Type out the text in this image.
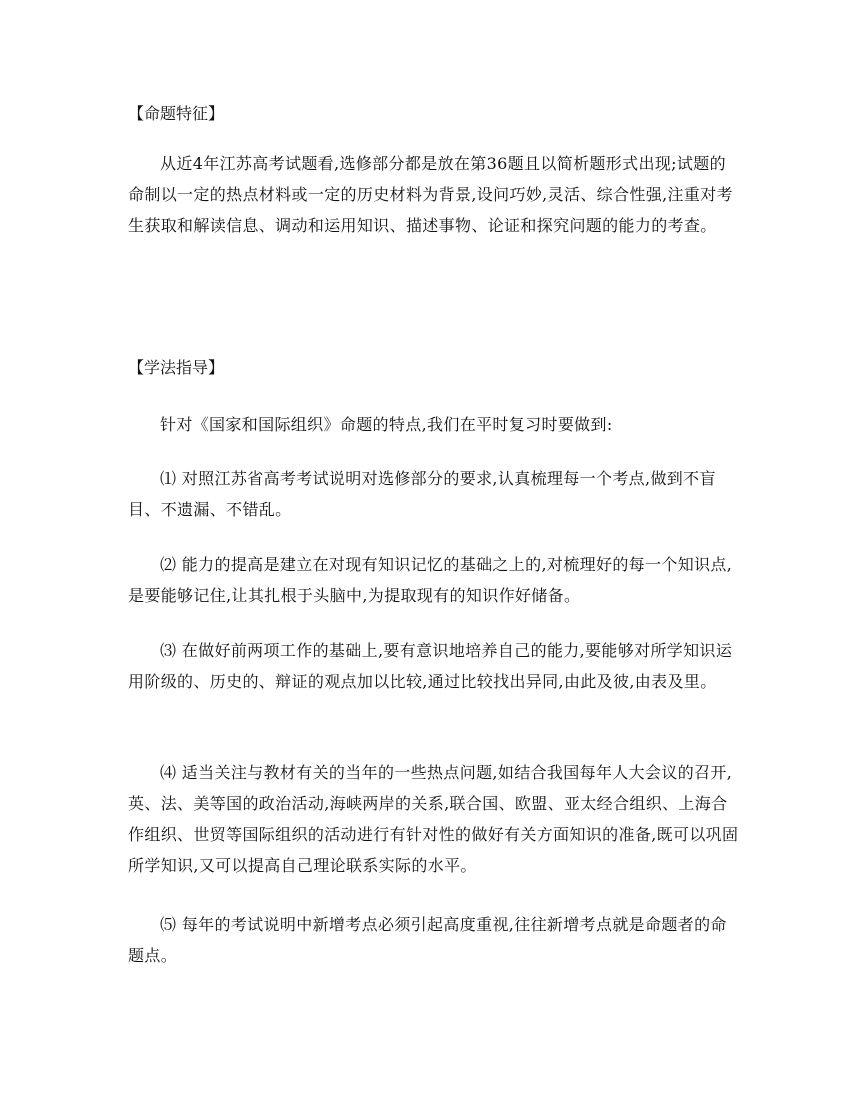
【命题特征】

从近4年江苏高考试题看,选修部分都是放在第36题且以简析题形式出现;试题的命制以一定的热点材料或一定的历史材料为背景,设问巧妙,灵活、综合性强,注重对考生获取和解读信息、调动和运用知识、描述事物、论证和探究问题的能力的考查。

【学法指导】

针对《国家和国际组织》命题的特点,我们在平时复习时要做到:

⑴ 对照江苏省高考考试说明对选修部分的要求,认真梳理每一个考点,做到不盲目、不遗漏、不错乱。

⑵ 能力的提高是建立在对现有知识记忆的基础之上的,对梳理好的每一个知识点,是要能够记住,让其扎根于头脑中,为提取现有的知识作好储备。

⑶ 在做好前两项工作的基础上,要有意识地培养自己的能力,要能够对所学知识运用阶级的、历史的、辩证的观点加以比较,通过比较找出异同,由此及彼,由表及里。

⑷ 适当关注与教材有关的当年的一些热点问题,如结合我国每年人大会议的召开,英、法、美等国的政治活动,海峡两岸的关系,联合国、欧盟、亚太经合组织、上海合作组织、世贸等国际组织的活动进行有针对性的做好有关方面知识的准备,既可以巩固所学知识,又可以提高自己理论联系实际的水平。

⑸ 每年的考试说明中新增考点必须引起高度重视,往往新增考点就是命题者的命题点。
